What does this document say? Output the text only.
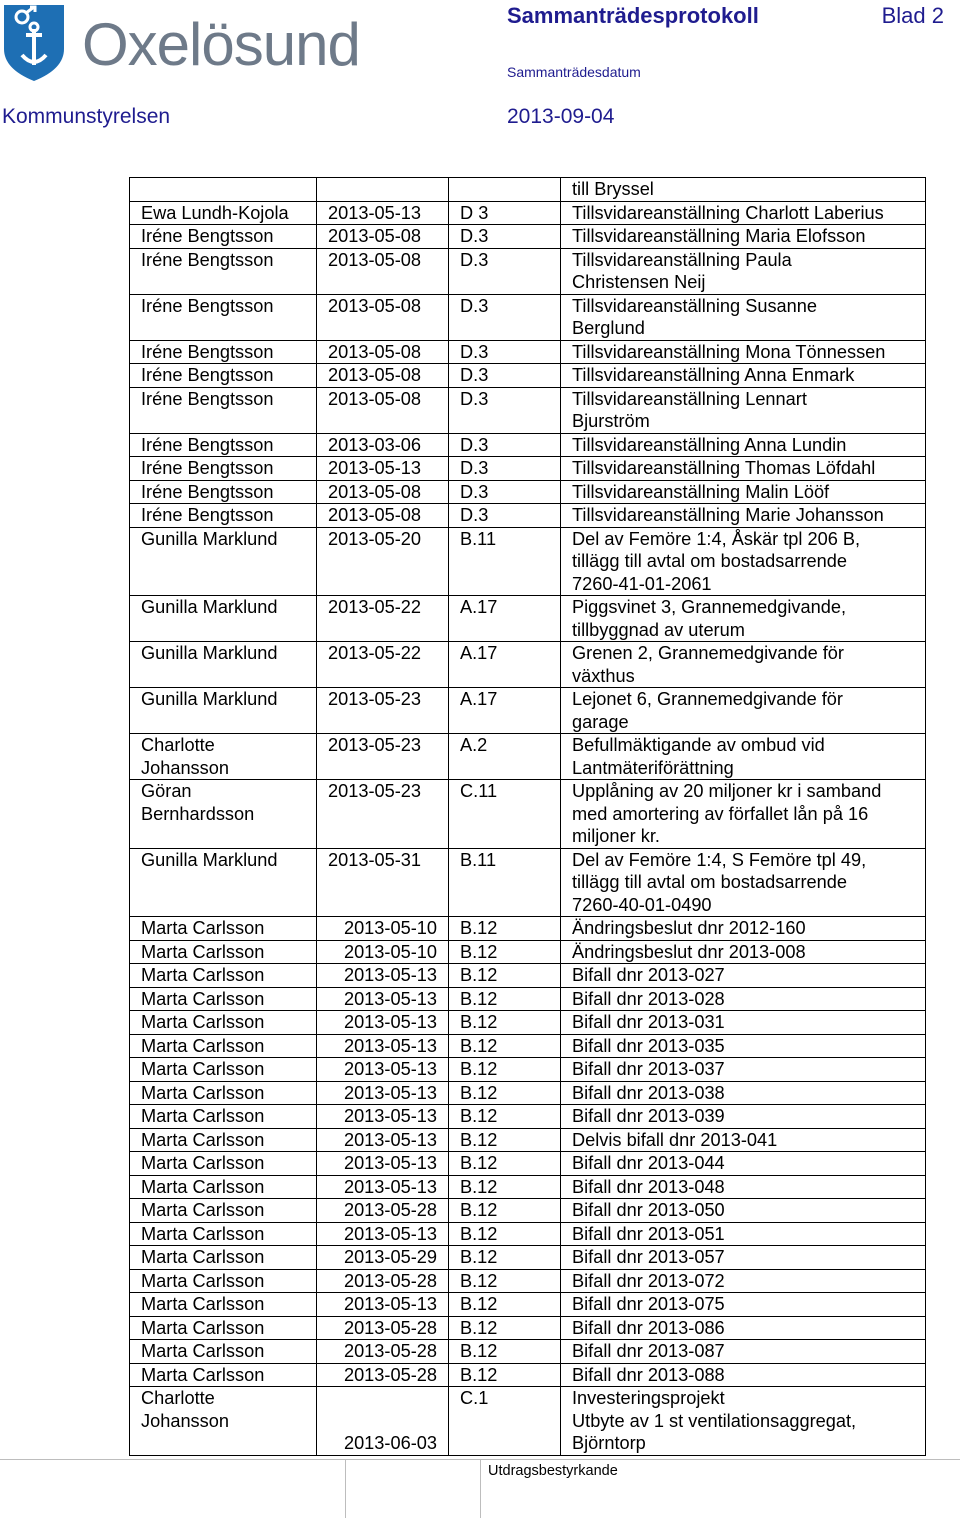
Oxelösund	Sammanträdesprotokoll	Blad 2
Sammanträdesdatum
Kommunstyrelsen	2013-09-04
			till Bryssel
Ewa Lundh-Kojola	2013-05-13	D 3	Tillsvidareanställning Charlott Laberius
Iréne Bengtsson	2013-05-08	D.3	Tillsvidareanställning Maria Elofsson
Iréne Bengtsson	2013-05-08	D.3	Tillsvidareanställning Paula
Christensen Neij
Iréne Bengtsson	2013-05-08	D.3	Tillsvidareanställning Susanne
Berglund
Iréne Bengtsson	2013-05-08	D.3	Tillsvidareanställning Mona Tönnessen
Iréne Bengtsson	2013-05-08	D.3	Tillsvidareanställning Anna Enmark
Iréne Bengtsson	2013-05-08	D.3	Tillsvidareanställning Lennart
Bjurström
Iréne Bengtsson	2013-03-06	D.3	Tillsvidareanställning Anna Lundin
Iréne Bengtsson	2013-05-13	D.3	Tillsvidareanställning Thomas Löfdahl
Iréne Bengtsson	2013-05-08	D.3	Tillsvidareanställning Malin Lööf
Iréne Bengtsson	2013-05-08	D.3	Tillsvidareanställning Marie Johansson
Gunilla Marklund	2013-05-20	B.11	Del av Femöre 1:4, Åskär tpl 206 B,
tillägg till avtal om bostadsarrende
7260-41-01-2061
Gunilla Marklund	2013-05-22	A.17	Piggsvinet 3, Grannemedgivande,
tillbyggnad av uterum
Gunilla Marklund	2013-05-22	A.17	Grenen 2, Grannemedgivande för
växthus
Gunilla Marklund	2013-05-23	A.17	Lejonet 6, Grannemedgivande för
garage
Charlotte
Johansson	2013-05-23	A.2	Befullmäktigande av ombud vid
Lantmäteriförättning
Göran
Bernhardsson	2013-05-23	C.11	Upplåning av 20 miljoner kr i samband
med amortering av förfallet lån på 16
miljoner kr.
Gunilla Marklund	2013-05-31	B.11	Del av Femöre 1:4, S Femöre tpl 49,
tillägg till avtal om bostadsarrende
7260-40-01-0490
Marta Carlsson	2013-05-10	B.12	Ändringsbeslut dnr 2012-160
Marta Carlsson	2013-05-10	B.12	Ändringsbeslut dnr 2013-008
Marta Carlsson	2013-05-13	B.12	Bifall dnr 2013-027
Marta Carlsson	2013-05-13	B.12	Bifall dnr 2013-028
Marta Carlsson	2013-05-13	B.12	Bifall dnr 2013-031
Marta Carlsson	2013-05-13	B.12	Bifall dnr 2013-035
Marta Carlsson	2013-05-13	B.12	Bifall dnr 2013-037
Marta Carlsson	2013-05-13	B.12	Bifall dnr 2013-038
Marta Carlsson	2013-05-13	B.12	Bifall dnr 2013-039
Marta Carlsson	2013-05-13	B.12	Delvis bifall dnr 2013-041
Marta Carlsson	2013-05-13	B.12	Bifall dnr 2013-044
Marta Carlsson	2013-05-13	B.12	Bifall dnr 2013-048
Marta Carlsson	2013-05-28	B.12	Bifall dnr 2013-050
Marta Carlsson	2013-05-13	B.12	Bifall dnr 2013-051
Marta Carlsson	2013-05-29	B.12	Bifall dnr 2013-057
Marta Carlsson	2013-05-28	B.12	Bifall dnr 2013-072
Marta Carlsson	2013-05-13	B.12	Bifall dnr 2013-075
Marta Carlsson	2013-05-28	B.12	Bifall dnr 2013-086
Marta Carlsson	2013-05-28	B.12	Bifall dnr 2013-087
Marta Carlsson	2013-05-28	B.12	Bifall dnr 2013-088
Charlotte
Johansson	2013-06-03	C.1	Investeringsprojekt
Utbyte av 1 st ventilationsaggregat,
Björntorp
Utdragsbestyrkande
